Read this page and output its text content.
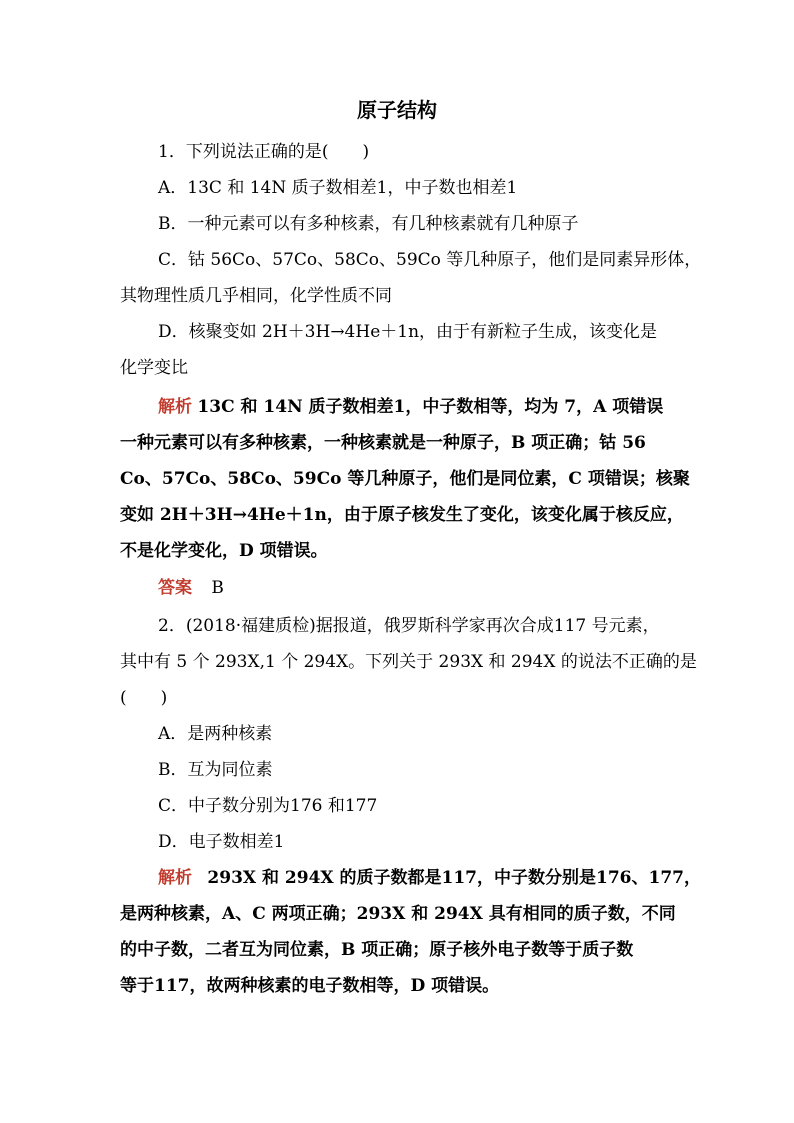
原子结构
1．下列说法正确的是(　　)
A．13C 和 14N 质子数相差1，中子数也相差1
B．一种元素可以有多种核素，有几种核素就有几种原子
C．钴 56Co、57Co、58Co、59Co 等几种原子，他们是同素异形体，
其物理性质几乎相同，化学性质不同
D．核聚变如 2H＋3H→4He＋1n，由于有新粒子生成，该变化是
化学变比
解析 13C 和 14N 质子数相差1，中子数相等，均为 7，A 项错误
一种元素可以有多种核素，一种核素就是一种原子，B 项正确；钴 56
Co、57Co、58Co、59Co 等几种原子，他们是同位素，C 项错误；核聚
变如 2H＋3H→4He＋1n，由于原子核发生了变化，该变化属于核反应，
不是化学变化，D 项错误。
答案 B
2．(2018·福建质检)据报道，俄罗斯科学家再次合成117 号元素，
其中有 5 个 293X,1 个 294X。下列关于 293X 和 294X 的说法不正确的是
(　　)
A．是两种核素
B．互为同位素
C．中子数分别为176 和177
D．电子数相差1
解析 293X 和 294X 的质子数都是117，中子数分别是176、177，
是两种核素，A、C 两项正确；293X 和 294X 具有相同的质子数，不同
的中子数，二者互为同位素，B 项正确；原子核外电子数等于质子数
等于117，故两种核素的电子数相等，D 项错误。
